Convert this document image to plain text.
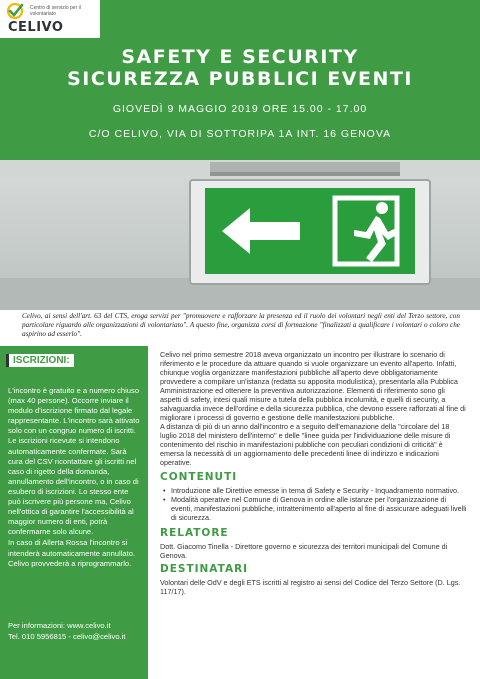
Centro di servizio per il volontariato
CELIVO
SAFETY E SECURITY
SICUREZZA PUBBLICI EVENTI
GIOVEDÌ 9 MAGGIO 2019 ORE 15.00 - 17.00
C/O CELIVO, VIA DI SOTTORIPA 1A INT. 16 GENOVA
Celivo, ai sensi dell'art. 63 del CTS, eroga servizi per "promuovere e rafforzare la presenza ed il ruolo dei volontari negli enti del Terzo settore, con particolare riguardo alle organizzazioni di volontariato". A questo fine, organizza corsi di formazione "finalizzati a qualificare i volontari o coloro che aspirino ad esserlo".
ISCRIZIONI:

L'incontro è gratuito e a numero chiuso (max 40 persone). Occorre inviare il modulo d'iscrizione firmato dal legale rappresentante. L'incontro sarà attivato solo con un congruo numero di iscritti. Le iscrizioni ricevute si intendono automaticamente confermate. Sarà cura del CSV ricontattare gli iscritti nel caso di rigetto della domanda, annullamento dell'incontro, o in caso di esubero di iscrizioni. Lo stesso ente può iscrivere più persone ma, Celivo nell'ottica di garantire l'accessibilità al maggior numero di enti, potrà confermarne solo alcune.

In caso di Allerta Rossa l'incontro si intenderà automaticamente annullato. Celivo provvederà a riprogrammarlo.

Per informazioni: www.celivo.it
Tel. 010 5956815 - celivo@celivo.it

Celivo nel primo semestre 2018 aveva organizzato un incontro per illustrare lo scenario di riferimento e le procedure da attuare quando si vuole organizzare un evento all'aperto. Infatti, chiunque voglia organizzare manifestazioni pubbliche all'aperto deve obbligatoriamente provvedere a compilare un'istanza (redatta su apposita modulistica), presentarla alla Pubblica Amministrazione ed ottenere la preventiva autorizzazione. Elementi di riferimento sono gli aspetti di safety, intesi quali misure a tutela della pubblica incolumità, e quelli di security, a salvaguardia invece dell'ordine e della sicurezza pubblica, che devono essere rafforzati al fine di migliorare i processi di governo e gestione delle manifestazioni pubbliche.

A distanza di più di un anno dall'incontro e a seguito dell'emanazione della "circolare del 18 luglio 2018 del ministero dell'interno" e delle "linee guida per l'individuazione delle misure di contenimento del rischio in manifestazioni pubbliche con peculiari condizioni di criticità" è emersa la necessità di un aggiornamento delle precedenti linee di indirizzo e indicazioni operative.

CONTENUTI
• Introduzione alle Direttive emesse in tema di Safety e Security - Inquadramento normativo.
• Modalità operative nel Comune di Genova in ordine alle istanze per l'organizzazione di eventi, manifestazioni pubbliche, intrattenimento all'aperto al fine di assicurare adeguati livelli di sicurezza.
RELATORE

Dott. Giacomo Tinella - Direttore governo e sicurezza dei territori municipali del Comune di Genova.

DESTINATARI

Volontari delle OdV e degli ETS iscritti al registro ai sensi del Codice del Terzo Settore (D. Lgs. 117/17).
